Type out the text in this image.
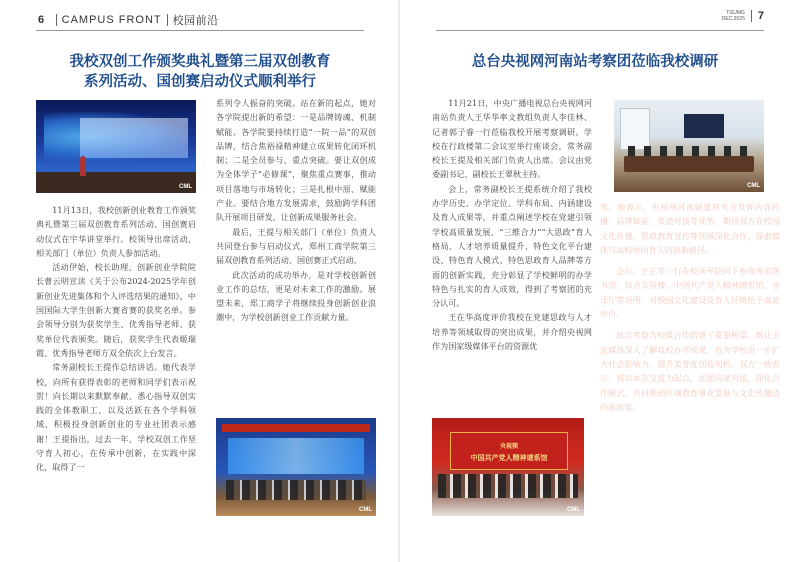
6 CAMPUS FRONT 校园前沿
我校双创工作颁奖典礼暨第三届双创教育
系列活动、国创赛启动仪式顺利举行
CML

11月13日，我校创新创业教育工作颁奖典礼暨第三届双创教育系列活动、国创赛启动仪式在宇华讲堂举行。校领导出席活动，相关部门（单位）负责人参加活动。

活动伊始，校长助理、创新创业学院院长曹云明宣读《关于公布2024-2025学年创新创业先进集体和个人评选结果的通知》，中国国际大学生创新大赛省赛的获奖名单。参会领导分别为获奖学生、优秀指导老师、获奖单位代表颁奖。随后，获奖学生代表姬瑞霞、优秀指导老师方双全依次上台发言。

常务副校长王提作总结讲话。她代表学校，向所有获得表彰的老师和同学们表示祝贺！向长期以来默默奉献、悉心指导双创实践的全体教职工，以及活跃在各个学科领域、积极投身创新创业的专业社团表示感谢！王提指出，过去一年，学校双创工作坚守育人初心，在传承中创新，在实践中深化，取得了一

系列令人振奋的突破。站在新的起点，她对各学院提出新的希望：一是品牌铸魂、机制赋能。各学院要持续打造“一院一品”的双创品牌，结合焦裕禄精神建立成果转化闭环机制；二是全员参与、重点突破。要让双创成为全体学子“必修课”，聚焦重点赛事，推动项目落地与市场转化；三是扎根中原、赋能产业。要结合地方发展需求，鼓励跨学科团队开展项目研发，让创新成果服务社会。

最后，王提与相关部门（单位）负责人共同登台参与启动仪式，郑州工商学院第三届双创教育系列活动、国创赛正式启动。

此次活动的成功举办，是对学校创新创业工作的总结，更是对未来工作的激励。展望未来，郑工商学子将继续投身创新创业浪潮中，为学校创新创业工作贡献力量。

CML
TGUMG
DEC.2025 7
总台央视网河南站考察团莅临我校调研

11月21日，中央广播电视总台央视网河南站负责人王华华率文教组负责人李佳林、记者郭子睿一行莅临我校开展考察调研。学校在行政楼第二会议室举行座谈会，常务副校长王提及相关部门负责人出席。会议由党委副书记、副校长王翠秋主持。

会上，常务副校长王提系统介绍了我校办学历史、办学定位、学科布局、内涵建设及育人成果等，并重点阐述学校在党建引领学校高质量发展、“三维合力”“大思政”育人格局、人才培养质量提升、特色文化平台建设、特色育人模式、特色思政育人品牌等方面的创新实践，充分彰显了学校鲜明的办学特色与扎实的育人成效，得到了考察团的充分认可。

王在华高度评价我校在党建思政与人才培养等领域取得的突出成果，并介绍央视网作为国家级媒体平台的资源优

CML

势。他表示，央视网河南频道将充分发挥内容传播、品牌赋能、渠道对接等优势，期待双方在校园文化传播、思政教育宣传等领域深化合作，探索媒体与高校协同育人的创新路径。

会后，王在华一行在校领导陪同下参观秀美图书馆、综合实验楼、中国共产党人精神谱系馆、音乐厅等场所，对校园文化建设及育人环境给予高度评价。

此次考察为校媒合作搭建了重要桥梁，既让主流媒体深入了解我校办学成果，也为学校进一步扩大社会影响力、提升美誉度创造契机。双方一致表示，将以本次交流为起点，加强沟通对接，深化合作模式，共同推动区域教育事业发展与文化传播迈向新高度。

央视频
中国共产党人精神谱系馆
CML
